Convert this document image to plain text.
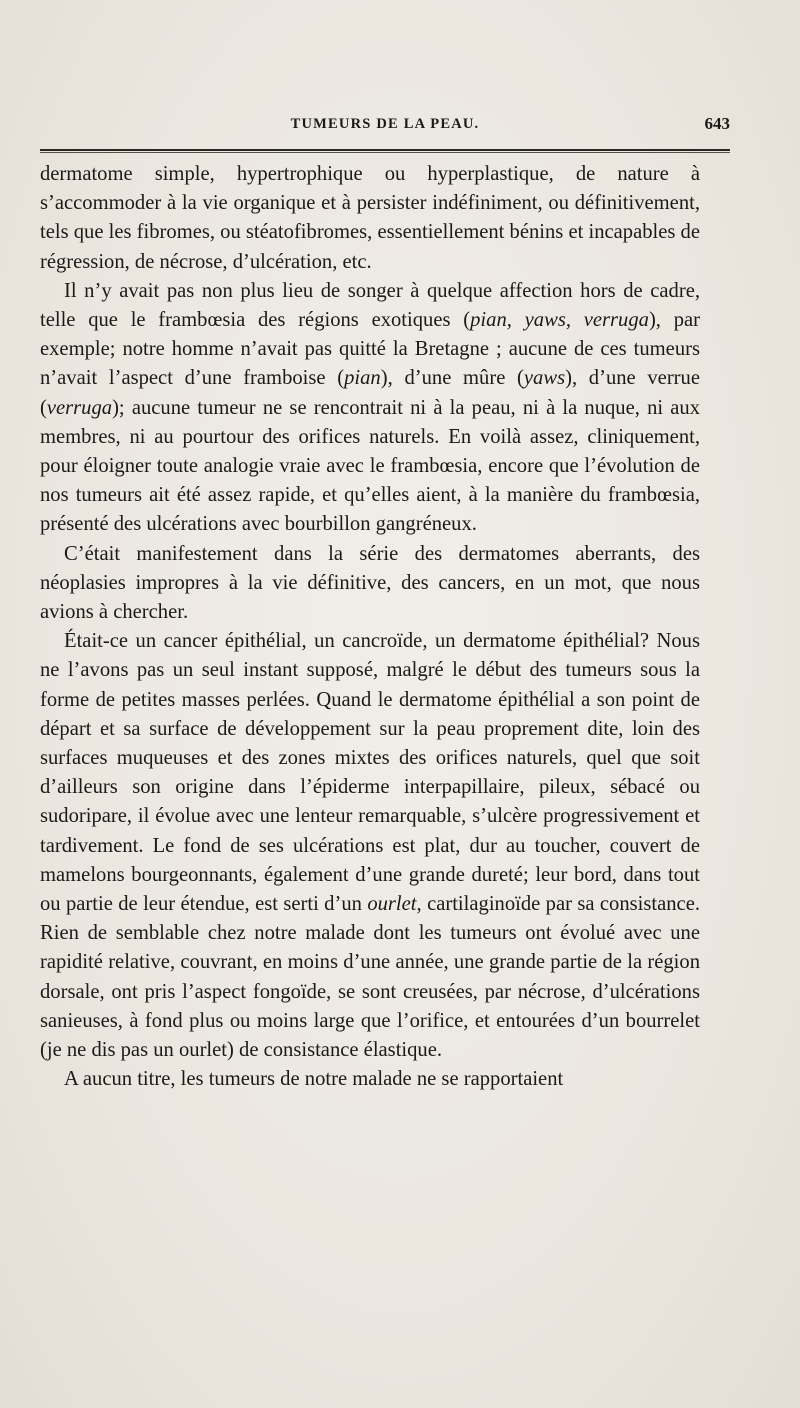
TUMEURS DE LA PEAU.	643

dermatome simple, hypertrophique ou hyperplastique, de nature à s’accommoder à la vie organique et à persister indéfiniment, ou définitivement, tels que les fibromes, ou stéatofibromes, essentiellement bénins et incapables de régression, de nécrose, d’ulcération, etc.

Il n’y avait pas non plus lieu de songer à quelque affection hors de cadre, telle que le frambœsia des régions exotiques (pian, yaws, verruga), par exemple; notre homme n’avait pas quitté la Bretagne ; aucune de ces tumeurs n’avait l’aspect d’une framboise (pian), d’une mûre (yaws), d’une verrue (verruga); aucune tumeur ne se rencontrait ni à la peau, ni à la nuque, ni aux membres, ni au pourtour des orifices naturels. En voilà assez, cliniquement, pour éloigner toute analogie vraie avec le frambœsia, encore que l’évolution de nos tumeurs ait été assez rapide, et qu’elles aient, à la manière du frambœsia, présenté des ulcérations avec bourbillon gangréneux.

C’était manifestement dans la série des dermatomes aberrants, des néoplasies impropres à la vie définitive, des cancers, en un mot, que nous avions à chercher.

Était-ce un cancer épithélial, un cancroïde, un dermatome épithélial? Nous ne l’avons pas un seul instant supposé, malgré le début des tumeurs sous la forme de petites masses perlées. Quand le dermatome épithélial a son point de départ et sa surface de développement sur la peau proprement dite, loin des surfaces muqueuses et des zones mixtes des orifices naturels, quel que soit d’ailleurs son origine dans l’épiderme interpapillaire, pileux, sébacé ou sudoripare, il évolue avec une lenteur remarquable, s’ulcère progressivement et tardivement. Le fond de ses ulcérations est plat, dur au toucher, couvert de mamelons bourgeonnants, également d’une grande dureté; leur bord, dans tout ou partie de leur étendue, est serti d’un ourlet, cartilaginoïde par sa consistance. Rien de semblable chez notre malade dont les tumeurs ont évolué avec une rapidité relative, couvrant, en moins d’une année, une grande partie de la région dorsale, ont pris l’aspect fongoïde, se sont creusées, par nécrose, d’ulcérations sanieuses, à fond plus ou moins large que l’orifice, et entourées d’un bourrelet (je ne dis pas un ourlet) de consistance élastique.

A aucun titre, les tumeurs de notre malade ne se rapportaient
